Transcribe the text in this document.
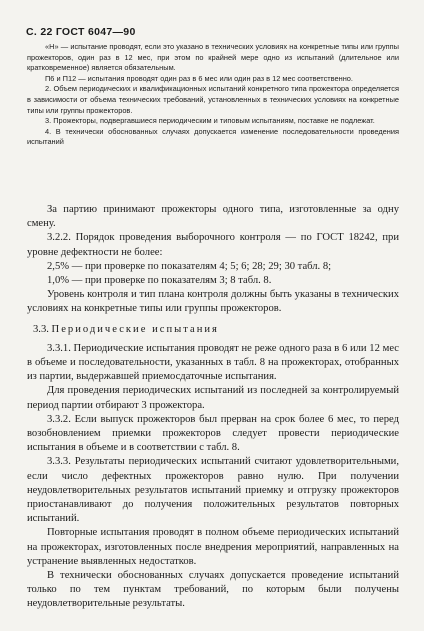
С. 22 ГОСТ 6047—90

«Н» — испытание проводят, если это указано в технических условиях на конкретные типы или группы прожекторов, один раз в 12 мес, при этом по крайней мере одно из испытаний (длительное или кратковременное) является обязательным.

П6 и П12 — испытания проводят один раз в 6 мес или один раз в 12 мес соответственно.

2. Объем периодических и квалификационных испытаний конкретного типа прожектора определяется в зависимости от объема технических требований, установленных в технических условиях на конкретные типы или группы прожекторов.

3. Прожекторы, подвергавшиеся периодическим и типовым испытаниям, поставке не подлежат.

4. В технически обоснованных случаях допускается изменение последовательности проведения испытаний

За партию принимают прожекторы одного типа, изготовленные за одну смену.

3.2.2. Порядок проведения выборочного контроля — по ГОСТ 18242, при уровне дефектности не более:

2,5% — при проверке по показателям 4; 5; 6; 28; 29; 30 табл. 8;
1,0% — при проверке по показателям 3; 8 табл. 8.

Уровень контроля и тип плана контроля должны быть указаны в технических условиях на конкретные типы или группы прожекторов.

3.3. Периодические испытания

3.3.1. Периодические испытания проводят не реже одного раза в 6 или 12 мес в объеме и последовательности, указанных в табл. 8 на прожекторах, отобранных из партии, выдержавшей приемосдаточные испытания.

Для проведения периодических испытаний из последней за контролируемый период партии отбирают 3 прожектора.

3.3.2. Если выпуск прожекторов был прерван на срок более 6 мес, то перед возобновлением приемки прожекторов следует провести периодические испытания в объеме и в соответствии с табл. 8.

3.3.3. Результаты периодических испытаний считают удовлетворительными, если число дефектных прожекторов равно нулю. При получении неудовлетворительных результатов испытаний приемку и отгрузку прожекторов приостанавливают до получения положительных результатов повторных испытаний.

Повторные испытания проводят в полном объеме периодических испытаний на прожекторах, изготовленных после внедрения мероприятий, направленных на устранение выявленных недостатков.

В технически обоснованных случаях допускается проведение испытаний только по тем пунктам требований, по которым были получены неудовлетворительные результаты.
